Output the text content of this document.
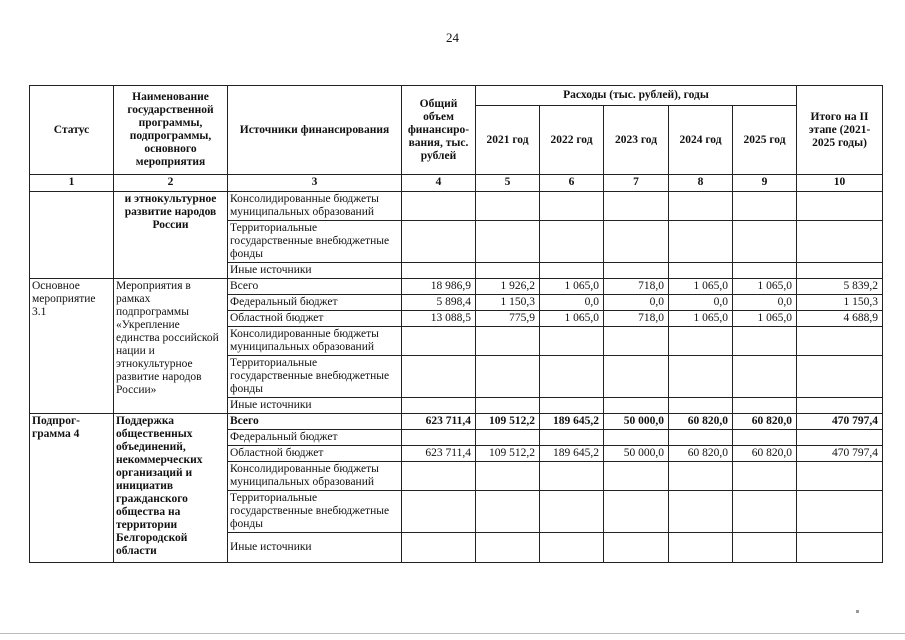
24
Статус	Наименование государственной программы, подпрограммы, основного мероприятия	Источники финансирования	Общий объем финансиро-вания, тыс. рублей	Расходы (тыс. рублей), годы					Итого на II этапе (2021-2025 годы)
				2021 год	2022 год	2023 год	2024 год	2025 год	
1	2	3	4	5	6	7	8	9	10
	и этнокультурное развитие народов России	Консолидированные бюджеты муниципальных образований							
		Территориальные государственные внебюджетные фонды							
		Иные источники							
Основное мероприятие 3.1	Мероприятия в рамках подпрограммы «Укрепление единства российской нации и этнокультурное развитие народов России»	Всего	18 986,9	1 926,2	1 065,0	718,0	1 065,0	1 065,0	5 839,2
		Федеральный бюджет	5 898,4	1 150,3	0,0	0,0	0,0	0,0	1 150,3
		Областной бюджет	13 088,5	775,9	1 065,0	718,0	1 065,0	1 065,0	4 688,9
		Консолидированные бюджеты муниципальных образований							
		Территориальные государственные внебюджетные фонды							
		Иные источники							
Подпрог-грамма 4	Поддержка общественных объединений, некоммерческих организаций и инициатив гражданского общества на территории Белгородской области	Всего	623 711,4	109 512,2	189 645,2	50 000,0	60 820,0	60 820,0	470 797,4
		Федеральный бюджет							
		Областной бюджет	623 711,4	109 512,2	189 645,2	50 000,0	60 820,0	60 820,0	470 797,4
		Консолидированные бюджеты муниципальных образований							
		Территориальные государственные внебюджетные фонды							
		Иные источники							
